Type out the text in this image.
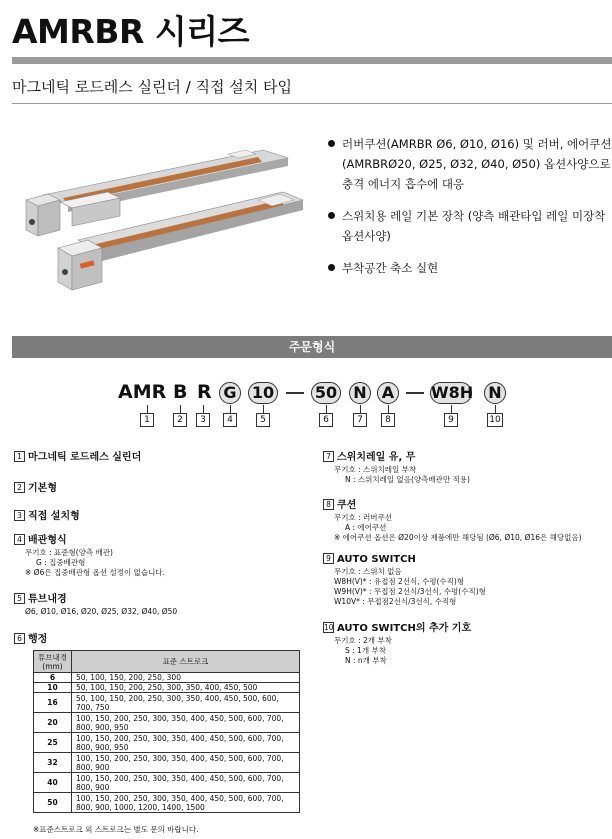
AMRBR 시리즈
마그네틱 로드레스 실린더 / 직접 설치 타입
러버쿠션(AMRBR Ø6, Ø10, Ø16) 및 러버, 에어쿠션(AMRBRØ20, Ø25, Ø32, Ø40, Ø50) 옵션사양으로 충격 에너지 흡수에 대응
스위치용 레일 기본 장착 (양측 배관타입 레일 미장착 옵션사양)
부착공간 축소 실현
주문형식
AMR B R G 10	50 N A	W8H N
1	2	3	4	5	6	7	8	9	10
1 마그네틱 로드레스 실린더
2 기본형
3 직접 설치형
4 배관형식
무기호 : 표준형(양측 배관)
G : 집중배관형
※ Ø6은 집중배관형 옵션 설정이 없습니다.
5 튜브내경
Ø6, Ø10, Ø16, Ø20, Ø25, Ø32, Ø40, Ø50
6 행정
튜브내경 (mm)	표준 스트로크
6	50, 100, 150, 200, 250, 300
10	50, 100, 150, 200, 250, 300, 350, 400, 450, 500
16	50, 100, 150, 200, 250, 300, 350, 400, 450, 500, 600, 700, 750
20	100, 150, 200, 250, 300, 350, 400, 450, 500, 600, 700, 800, 900, 950
25	100, 150, 200, 250, 300, 350, 400, 450, 500, 600, 700, 800, 900, 950
32	100, 150, 200, 250, 300, 350, 400, 450, 500, 600, 700, 800, 900
40	100, 150, 200, 250, 300, 350, 400, 450, 500, 600, 700, 800, 900
50	100, 150, 200, 250, 300, 350, 400, 450, 500, 600, 700, 800, 900, 1000, 1200, 1400, 1500
※표준스트로크 외 스트로크는 별도 문의 바랍니다.
7 스위치레일 유, 무
무기호 : 스위치레일 부착
N : 스위치레일 없음(양측배관만 적용)
8 쿠션
무기호 : 러버쿠션
A : 에어쿠션
※ 에어쿠션 옵션은 Ø20이상 제품에만 해당됨 (Ø6, Ø10, Ø16은 해당없음)
9 AUTO SWITCH
무기호 : 스위치 없음
W8H(V)* : 유접점 2선식, 수평(수직)형
W9H(V)* : 무접점 2선식/3선식, 수평(수직)형
W10V* : 무접점2선식/3선식, 수직형
10 AUTO SWITCH의 추가 기호
무기호 : 2개 부착
S : 1개 부착
N : n개 부착
